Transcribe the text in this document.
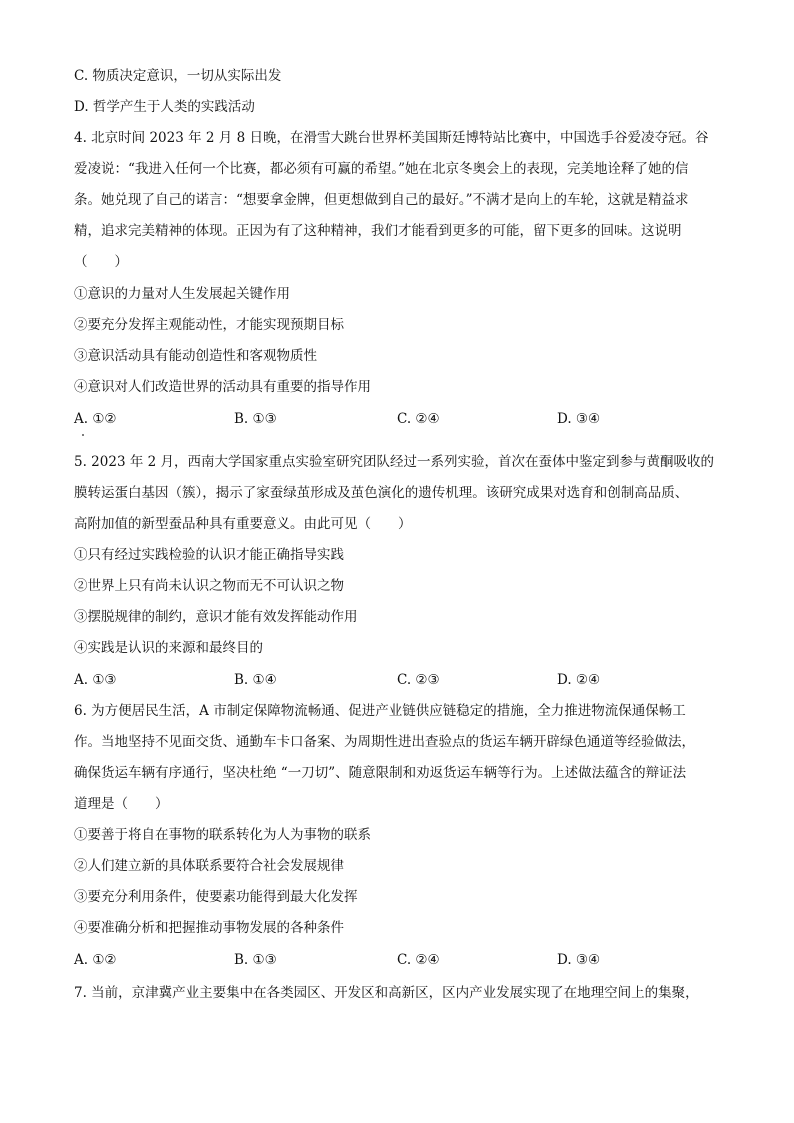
C. 物质决定意识，一切从实际出发
D. 哲学产生于人类的实践活动
4. 北京时间 2023 年 2 月 8 日晚，在滑雪大跳台世界杯美国斯廷博特站比赛中，中国选手谷爱凌夺冠。谷
爱凌说：“我进入任何一个比赛，都必须有可赢的希望。”她在北京冬奥会上的表现，完美地诠释了她的信
条。她兑现了自己的诺言：“想要拿金牌，但更想做到自己的最好。”不满才是向上的车轮，这就是精益求
精，追求完美精神的体现。正因为有了这种精神，我们才能看到更多的可能，留下更多的回味。这说明
（　　）
①意识的力量对人生发展起关键作用
②要充分发挥主观能动性，才能实现预期目标
③意识活动具有能动创造性和客观物质性
④意识对人们改造世界的活动具有重要的指导作用
A. ①②	B. ①③	C. ②④	D. ③④
5. 2023 年 2 月，西南大学国家重点实验室研究团队经过一系列实验，首次在蚕体中鉴定到参与黄酮吸收的
膜转运蛋白基因（簇），揭示了家蚕绿茧形成及茧色演化的遗传机理。该研究成果对选育和创制高品质、
高附加值的新型蚕品种具有重要意义。由此可见（　　）
①只有经过实践检验的认识才能正确指导实践
②世界上只有尚未认识之物而无不可认识之物
③摆脱规律的制约，意识才能有效发挥能动作用
④实践是认识的来源和最终目的
A. ①③	B. ①④	C. ②③	D. ②④
6. 为方便居民生活，A 市制定保障物流畅通、促进产业链供应链稳定的措施，全力推进物流保通保畅工
作。当地坚持不见面交货、通勤车卡口备案、为周期性进出查验点的货运车辆开辟绿色通道等经验做法，
确保货运车辆有序通行，坚决杜绝 “一刀切”、随意限制和劝返货运车辆等行为。上述做法蕴含的辩证法
道理是（　　）
①要善于将自在事物的联系转化为人为事物的联系
②人们建立新的具体联系要符合社会发展规律
③要充分利用条件，使要素功能得到最大化发挥
④要准确分析和把握推动事物发展的各种条件
A. ①②	B. ①③	C. ②④	D. ③④
7. 当前，京津冀产业主要集中在各类园区、开发区和高新区，区内产业发展实现了在地理空间上的集聚，
